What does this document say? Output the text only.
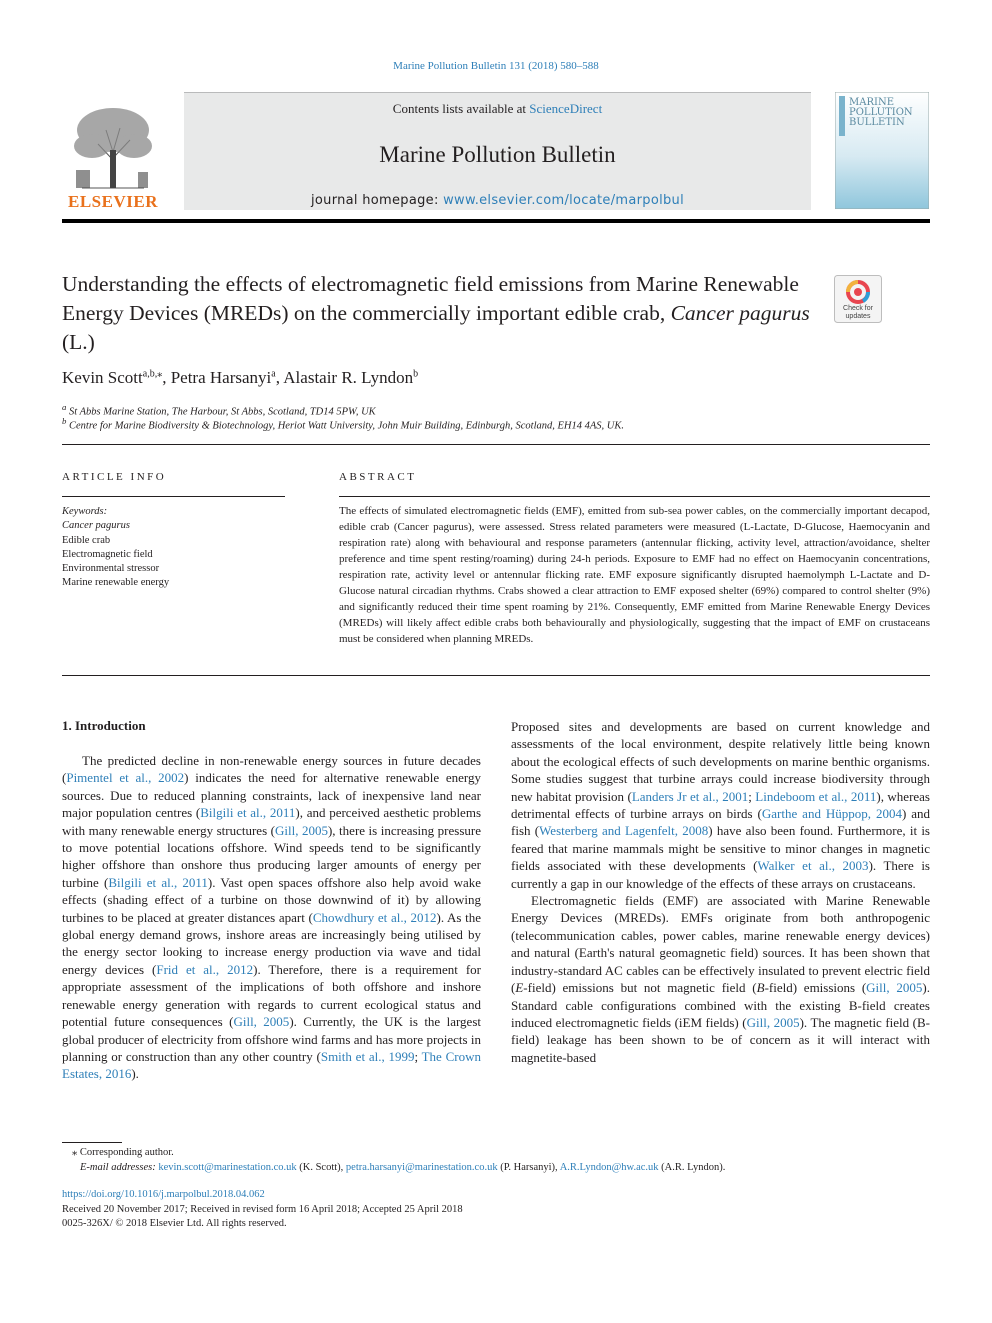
Marine Pollution Bulletin 131 (2018) 580–588
ELSEVIER
Contents lists available at ScienceDirect
Marine Pollution Bulletin
journal homepage: www.elsevier.com/locate/marpolbul
MARINE POLLUTION BULLETIN
Understanding the effects of electromagnetic field emissions from Marine Renewable Energy Devices (MREDs) on the commercially important edible crab, Cancer pagurus (L.)
Check for updates
Kevin Scott$^{a,b,⁎}$, Petra Harsanyi$^a$, Alastair R. Lyndon$^b$
$^a$ St Abbs Marine Station, The Harbour, St Abbs, Scotland, TD14 5PW, UK
$^b$ Centre for Marine Biodiversity & Biotechnology, Heriot Watt University, John Muir Building, Edinburgh, Scotland, EH14 4AS, UK.
ARTICLE INFO	ABSTRACT
Keywords:
Cancer pagurus
Edible crab
Electromagnetic field
Environmental stressor
Marine renewable energy
The effects of simulated electromagnetic fields (EMF), emitted from sub-sea power cables, on the commercially important decapod, edible crab (Cancer pagurus), were assessed. Stress related parameters were measured (L-Lactate, D-Glucose, Haemocyanin and respiration rate) along with behavioural and response parameters (antennular flicking, activity level, attraction/avoidance, shelter preference and time spent resting/roaming) during 24-h periods. Exposure to EMF had no effect on Haemocyanin concentrations, respiration rate, activity level or antennular flicking rate. EMF exposure significantly disrupted haemolymph L-Lactate and D-Glucose natural circadian rhythms. Crabs showed a clear attraction to EMF exposed shelter (69%) compared to control shelter (9%) and significantly reduced their time spent roaming by 21%. Consequently, EMF emitted from Marine Renewable Energy Devices (MREDs) will likely affect edible crabs both behaviourally and physiologically, suggesting that the impact of EMF on crustaceans must be considered when planning MREDs.
1. Introduction

The predicted decline in non-renewable energy sources in future decades (Pimentel et al., 2002) indicates the need for alternative renewable energy sources. Due to reduced planning constraints, lack of inexpensive land near major population centres (Bilgili et al., 2011), and perceived aesthetic problems with many renewable energy structures (Gill, 2005), there is increasing pressure to move potential locations offshore. Wind speeds tend to be significantly higher offshore than onshore thus producing larger amounts of energy per turbine (Bilgili et al., 2011). Vast open spaces offshore also help avoid wake effects (shading effect of a turbine on those downwind of it) by allowing turbines to be placed at greater distances apart (Chowdhury et al., 2012). As the global energy demand grows, inshore areas are increasingly being utilised by the energy sector looking to increase energy production via wave and tidal energy devices (Frid et al., 2012). Therefore, there is a requirement for appropriate assessment of the implications of both offshore and inshore renewable energy generation with regards to current ecological status and potential future consequences (Gill, 2005). Currently, the UK is the largest global producer of electricity from offshore wind farms and has more projects in planning or construction than any other country (Smith et al., 1999; The Crown Estates, 2016).

Proposed sites and developments are based on current knowledge and assessments of the local environment, despite relatively little being known about the ecological effects of such developments on marine benthic organisms. Some studies suggest that turbine arrays could increase biodiversity through new habitat provision (Landers Jr et al., 2001; Lindeboom et al., 2011), whereas detrimental effects of turbine arrays on birds (Garthe and Hüppop, 2004) and fish (Westerberg and Lagenfelt, 2008) have also been found. Furthermore, it is feared that marine mammals might be sensitive to minor changes in magnetic fields associated with these developments (Walker et al., 2003). There is currently a gap in our knowledge of the effects of these arrays on crustaceans.

Electromagnetic fields (EMF) are associated with Marine Renewable Energy Devices (MREDs). EMFs originate from both anthropogenic (telecommunication cables, power cables, marine renewable energy devices) and natural (Earth's natural geomagnetic field) sources. It has been shown that industry-standard AC cables can be effectively insulated to prevent electric field (E-field) emissions but not magnetic field (B-field) emissions (Gill, 2005). Standard cable configurations combined with the existing B-field creates induced electromagnetic fields (iEM fields) (Gill, 2005). The magnetic field (B-field) leakage has been shown to be of concern as it will interact with magnetite-based

⁎ Corresponding author.
E-mail addresses: kevin.scott@marinestation.co.uk (K. Scott), petra.harsanyi@marinestation.co.uk (P. Harsanyi), A.R.Lyndon@hw.ac.uk (A.R. Lyndon).
https://doi.org/10.1016/j.marpolbul.2018.04.062
Received 20 November 2017; Received in revised form 16 April 2018; Accepted 25 April 2018
0025-326X/ © 2018 Elsevier Ltd. All rights reserved.
